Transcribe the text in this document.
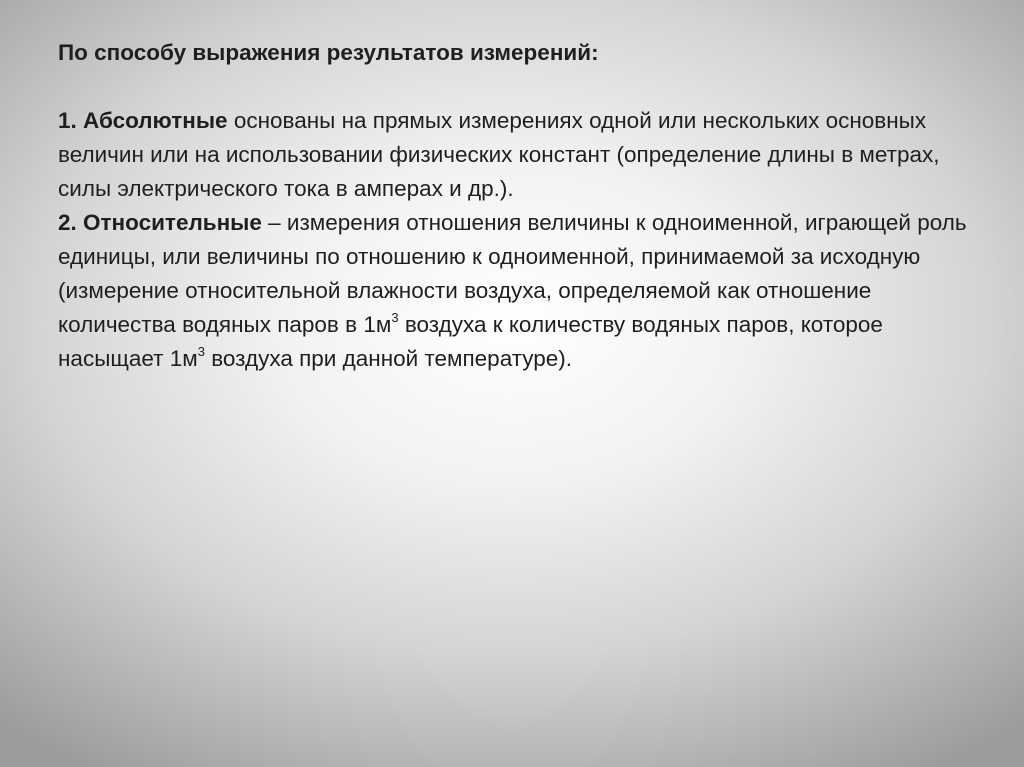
По способу выражения результатов измерений:

1. Абсолютные основаны на прямых измерениях одной или нескольких основных величин или на использовании физических констант (определение длины в метрах, силы электрического тока в амперах и др.).

2. Относительные – измерения отношения величины к одноименной, играющей роль единицы, или величины по отношению к одноименной, принимаемой за исходную (измерение относительной влажности воздуха, определяемой как отношение количества водяных паров в $1м^3$ воздуха к количеству водяных паров, которое насыщает $1м^3$ воздуха при данной температуре).
